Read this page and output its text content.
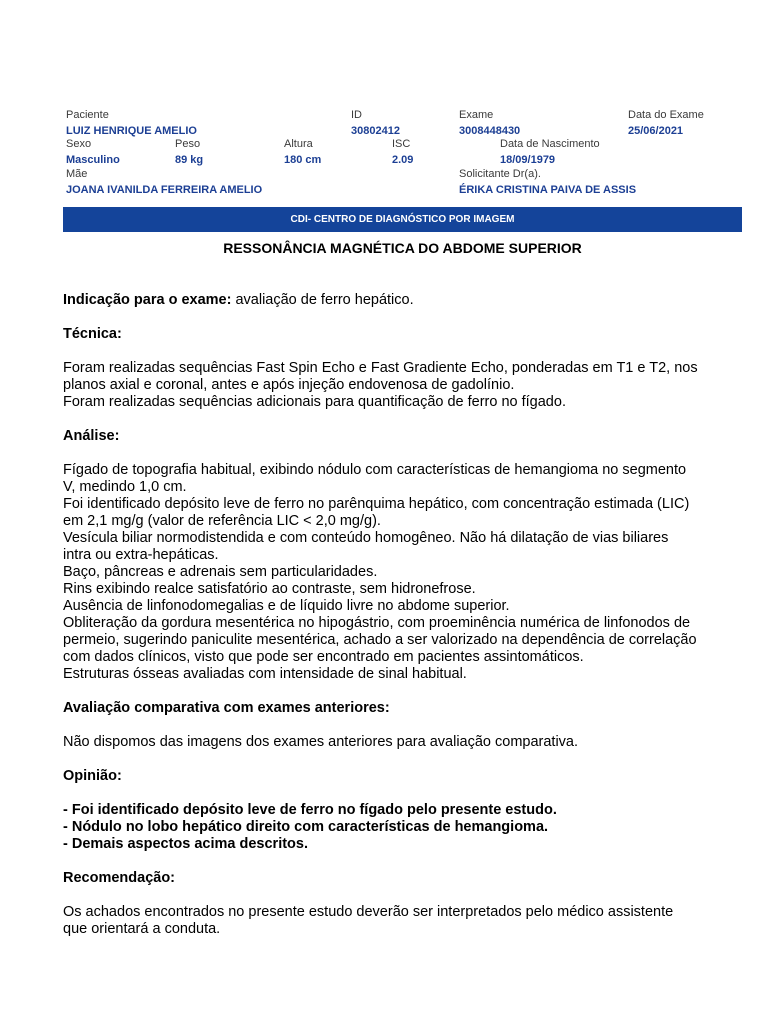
Paciente
LUIZ HENRIQUE AMELIO
ID
30802412
Exame
3008448430
Data do Exame
25/06/2021
Sexo
Masculino
Peso
89 kg
Altura
180 cm
ISC
2.09
Data de Nascimento
18/09/1979
Mãe
JOANA IVANILDA FERREIRA AMELIO
Solicitante Dr(a).
ÉRIKA CRISTINA PAIVA DE ASSIS
CDI- CENTRO DE DIAGNÓSTICO POR IMAGEM
RESSONÂNCIA MAGNÉTICA DO ABDOME SUPERIOR

Indicação para o exame: avaliação de ferro hepático.

Técnica:

Foram realizadas sequências Fast Spin Echo e Fast Gradiente Echo, ponderadas em T1 e T2, nos
planos axial e coronal, antes e após injeção endovenosa de gadolínio.
Foram realizadas sequências adicionais para quantificação de ferro no fígado.

Análise:

Fígado de topografia habitual, exibindo nódulo com características de hemangioma no segmento
V, medindo 1,0 cm.
Foi identificado depósito leve de ferro no parênquima hepático, com concentração estimada (LIC)
em 2,1 mg/g (valor de referência LIC < 2,0 mg/g).
Vesícula biliar normodistendida e com conteúdo homogêneo. Não há dilatação de vias biliares
intra ou extra-hepáticas.
Baço, pâncreas e adrenais sem particularidades.
Rins exibindo realce satisfatório ao contraste, sem hidronefrose.
Ausência de linfonodomegalias e de líquido livre no abdome superior.
Obliteração da gordura mesentérica no hipogástrio, com proeminência numérica de linfonodos de
permeio, sugerindo paniculite mesentérica, achado a ser valorizado na dependência de correlação
com dados clínicos, visto que pode ser encontrado em pacientes assintomáticos.
Estruturas ósseas avaliadas com intensidade de sinal habitual.

Avaliação comparativa com exames anteriores:

Não dispomos das imagens dos exames anteriores para avaliação comparativa.

Opinião:

- Foi identificado depósito leve de ferro no fígado pelo presente estudo.
- Nódulo no lobo hepático direito com características de hemangioma.
- Demais aspectos acima descritos.

Recomendação:

Os achados encontrados no presente estudo deverão ser interpretados pelo médico assistente
que orientará a conduta.
